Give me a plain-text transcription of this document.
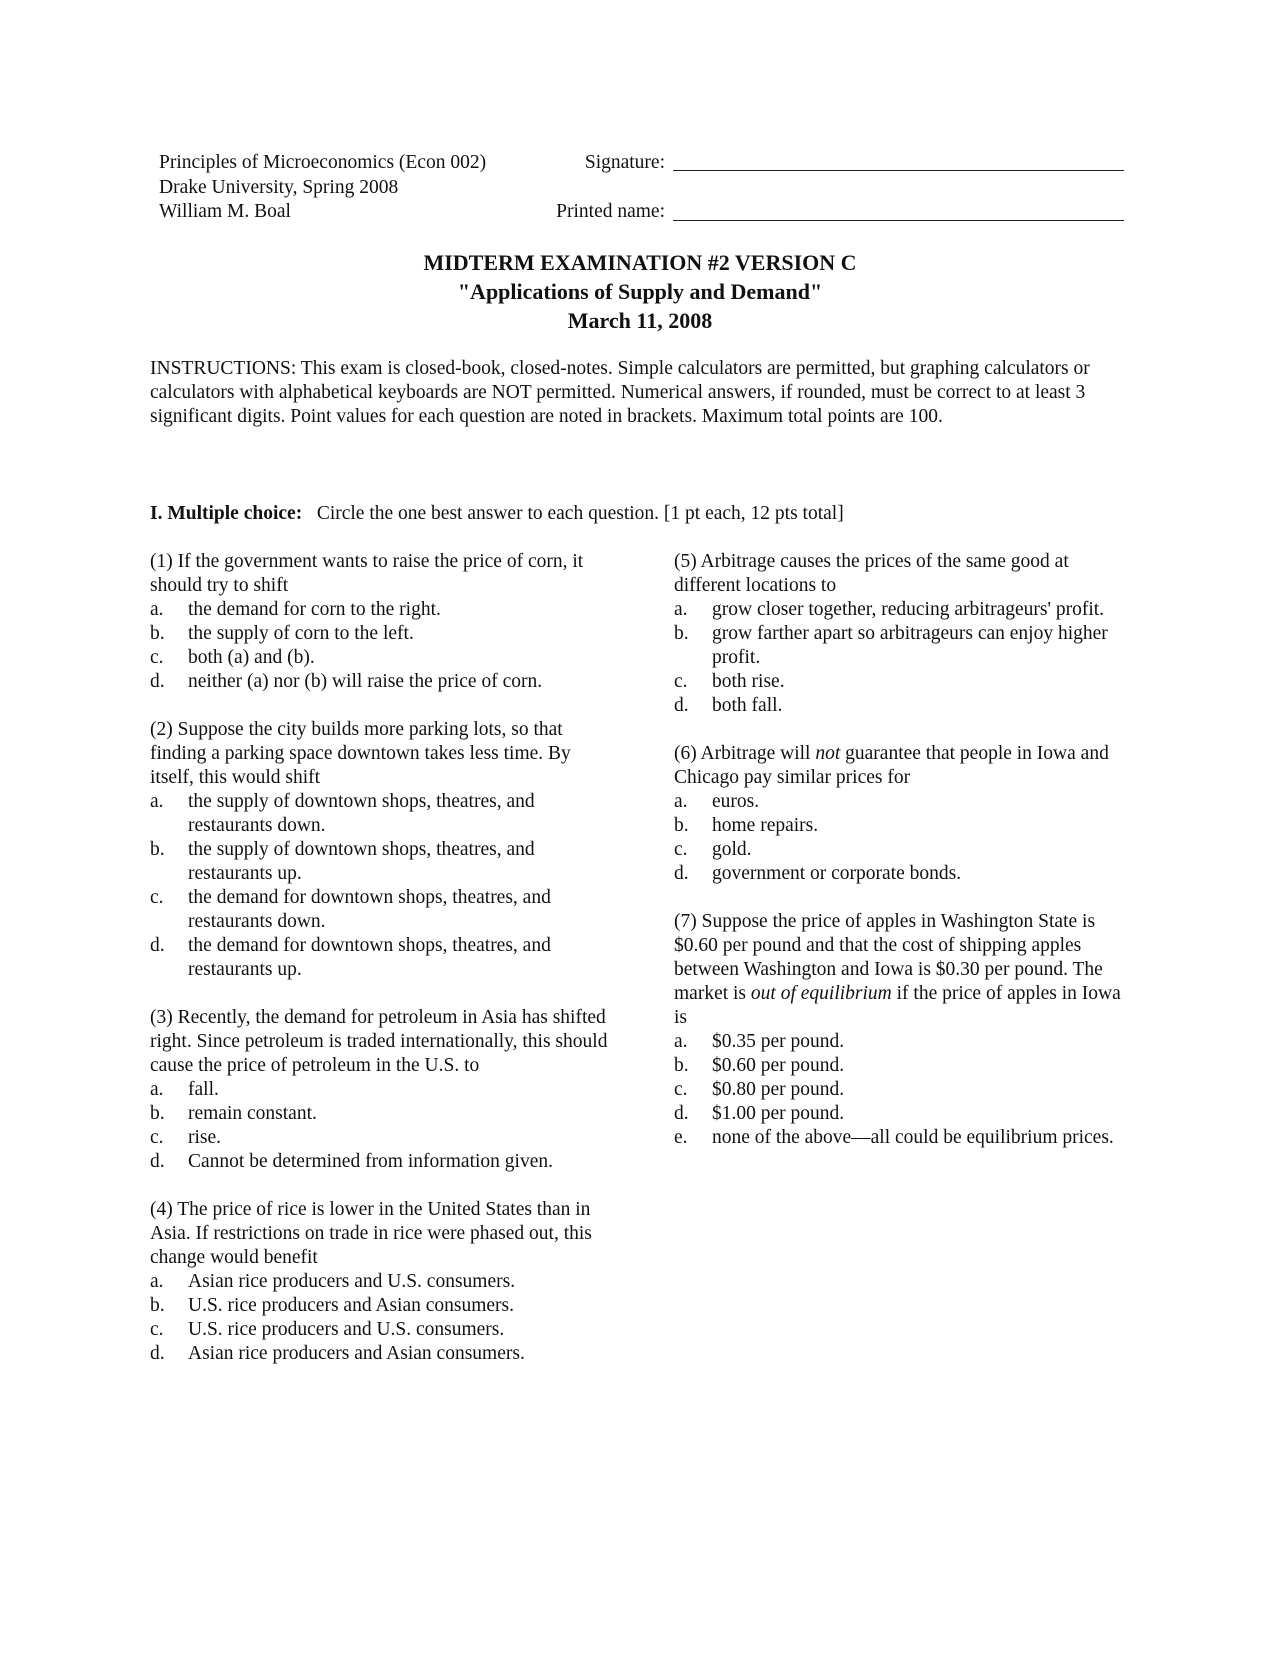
Principles of Microeconomics (Econ 002)
Drake University, Spring 2008
William M. Boal
Signature:
Printed name:
MIDTERM EXAMINATION #2 VERSION C
"Applications of Supply and Demand"
March 11, 2008
INSTRUCTIONS: This exam is closed-book, closed-notes. Simple calculators are permitted, but graphing calculators or calculators with alphabetical keyboards are NOT permitted. Numerical answers, if rounded, must be correct to at least 3 significant digits. Point values for each question are noted in brackets. Maximum total points are 100.
I. Multiple choice: Circle the one best answer to each question. [1 pt each, 12 pts total]
(1) If the government wants to raise the price of corn, it should try to shift
a.	the demand for corn to the right.
b.	the supply of corn to the left.
c.	both (a) and (b).
d.	neither (a) nor (b) will raise the price of corn.
(2) Suppose the city builds more parking lots, so that finding a parking space downtown takes less time. By itself, this would shift
a.	the supply of downtown shops, theatres, and restaurants down.
b.	the supply of downtown shops, theatres, and restaurants up.
c.	the demand for downtown shops, theatres, and restaurants down.
d.	the demand for downtown shops, theatres, and restaurants up.
(3) Recently, the demand for petroleum in Asia has shifted right. Since petroleum is traded internationally, this should cause the price of petroleum in the U.S. to
a.	fall.
b.	remain constant.
c.	rise.
d.	Cannot be determined from information given.
(4) The price of rice is lower in the United States than in Asia. If restrictions on trade in rice were phased out, this change would benefit
a.	Asian rice producers and U.S. consumers.
b.	U.S. rice producers and Asian consumers.
c.	U.S. rice producers and U.S. consumers.
d.	Asian rice producers and Asian consumers.
(5) Arbitrage causes the prices of the same good at different locations to
a.	grow closer together, reducing arbitrageurs' profit.
b.	grow farther apart so arbitrageurs can enjoy higher profit.
c.	both rise.
d.	both fall.
(6) Arbitrage will not guarantee that people in Iowa and Chicago pay similar prices for
a.	euros.
b.	home repairs.
c.	gold.
d.	government or corporate bonds.
(7) Suppose the price of apples in Washington State is $0.60 per pound and that the cost of shipping apples between Washington and Iowa is $0.30 per pound. The market is out of equilibrium if the price of apples in Iowa is
a.	$0.35 per pound.
b.	$0.60 per pound.
c.	$0.80 per pound.
d.	$1.00 per pound.
e.	none of the above—all could be equilibrium prices.
